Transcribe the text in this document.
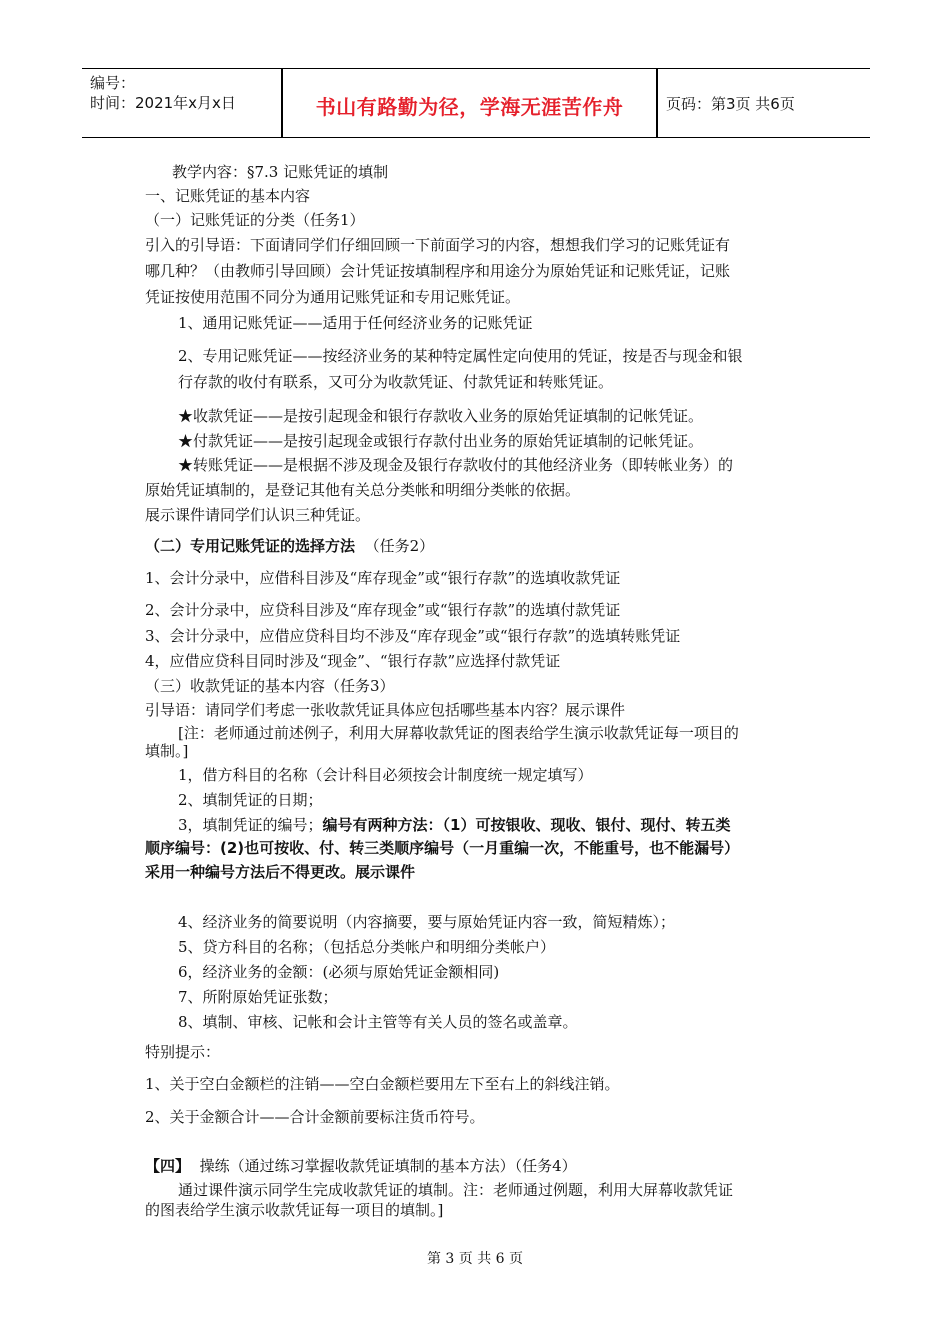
编号：
时间：2021年x月x日	书山有路勤为径，学海无涯苦作舟	页码：第3页 共6页
教学内容：§7.3 记账凭证的填制
一、记账凭证的基本内容
（一）记账凭证的分类（任务1）
引入的引导语：下面请同学们仔细回顾一下前面学习的内容，想想我们学习的记账凭证有
哪几种？（由教师引导回顾）会计凭证按填制程序和用途分为原始凭证和记账凭证，记账
凭证按使用范围不同分为通用记账凭证和专用记账凭证。
1、通用记账凭证——适用于任何经济业务的记账凭证
2、专用记账凭证——按经济业务的某种特定属性定向使用的凭证，按是否与现金和银
行存款的收付有联系，又可分为收款凭证、付款凭证和转账凭证。
★收款凭证——是按引起现金和银行存款收入业务的原始凭证填制的记帐凭证。
★付款凭证——是按引起现金或银行存款付出业务的原始凭证填制的记帐凭证。
★转账凭证——是根据不涉及现金及银行存款收付的其他经济业务（即转帐业务）的
原始凭证填制的，是登记其他有关总分类帐和明细分类帐的依据。
展示课件请同学们认识三种凭证。
（二）专用记账凭证的选择方法 （任务2）
1、会计分录中，应借科目涉及“库存现金”或“银行存款”的选填收款凭证
2、会计分录中，应贷科目涉及“库存现金”或“银行存款”的选填付款凭证
3、会计分录中，应借应贷科目均不涉及“库存现金”或“银行存款”的选填转账凭证
4，应借应贷科目同时涉及“现金”、“银行存款”应选择付款凭证
（三）收款凭证的基本内容（任务3）
引导语：请同学们考虑一张收款凭证具体应包括哪些基本内容？展示课件
[注：老师通过前述例子，利用大屏幕收款凭证的图表给学生演示收款凭证每一项目的
填制。]
1，借方科目的名称（会计科目必须按会计制度统一规定填写）
2、填制凭证的日期；
3，填制凭证的编号；编号有两种方法：（1）可按银收、现收、银付、现付、转五类
顺序编号：(2)也可按收、付、转三类顺序编号（一月重编一次，不能重号，也不能漏号）
采用一种编号方法后不得更改。展示课件
4、经济业务的简要说明（内容摘要，要与原始凭证内容一致，简短精炼）；
5、贷方科目的名称；（包括总分类帐户和明细分类帐户）
6，经济业务的金额：(必须与原始凭证金额相同)
7、所附原始凭证张数；
8、填制、审核、记帐和会计主管等有关人员的签名或盖章。
特别提示：
1、关于空白金额栏的注销——空白金额栏要用左下至右上的斜线注销。
2、关于金额合计——合计金额前要标注货币符号。
【四】 操练（通过练习掌握收款凭证填制的基本方法）（任务4）
通过课件演示同学生完成收款凭证的填制。注：老师通过例题，利用大屏幕收款凭证
的图表给学生演示收款凭证每一项目的填制。]
第 3 页 共 6 页
